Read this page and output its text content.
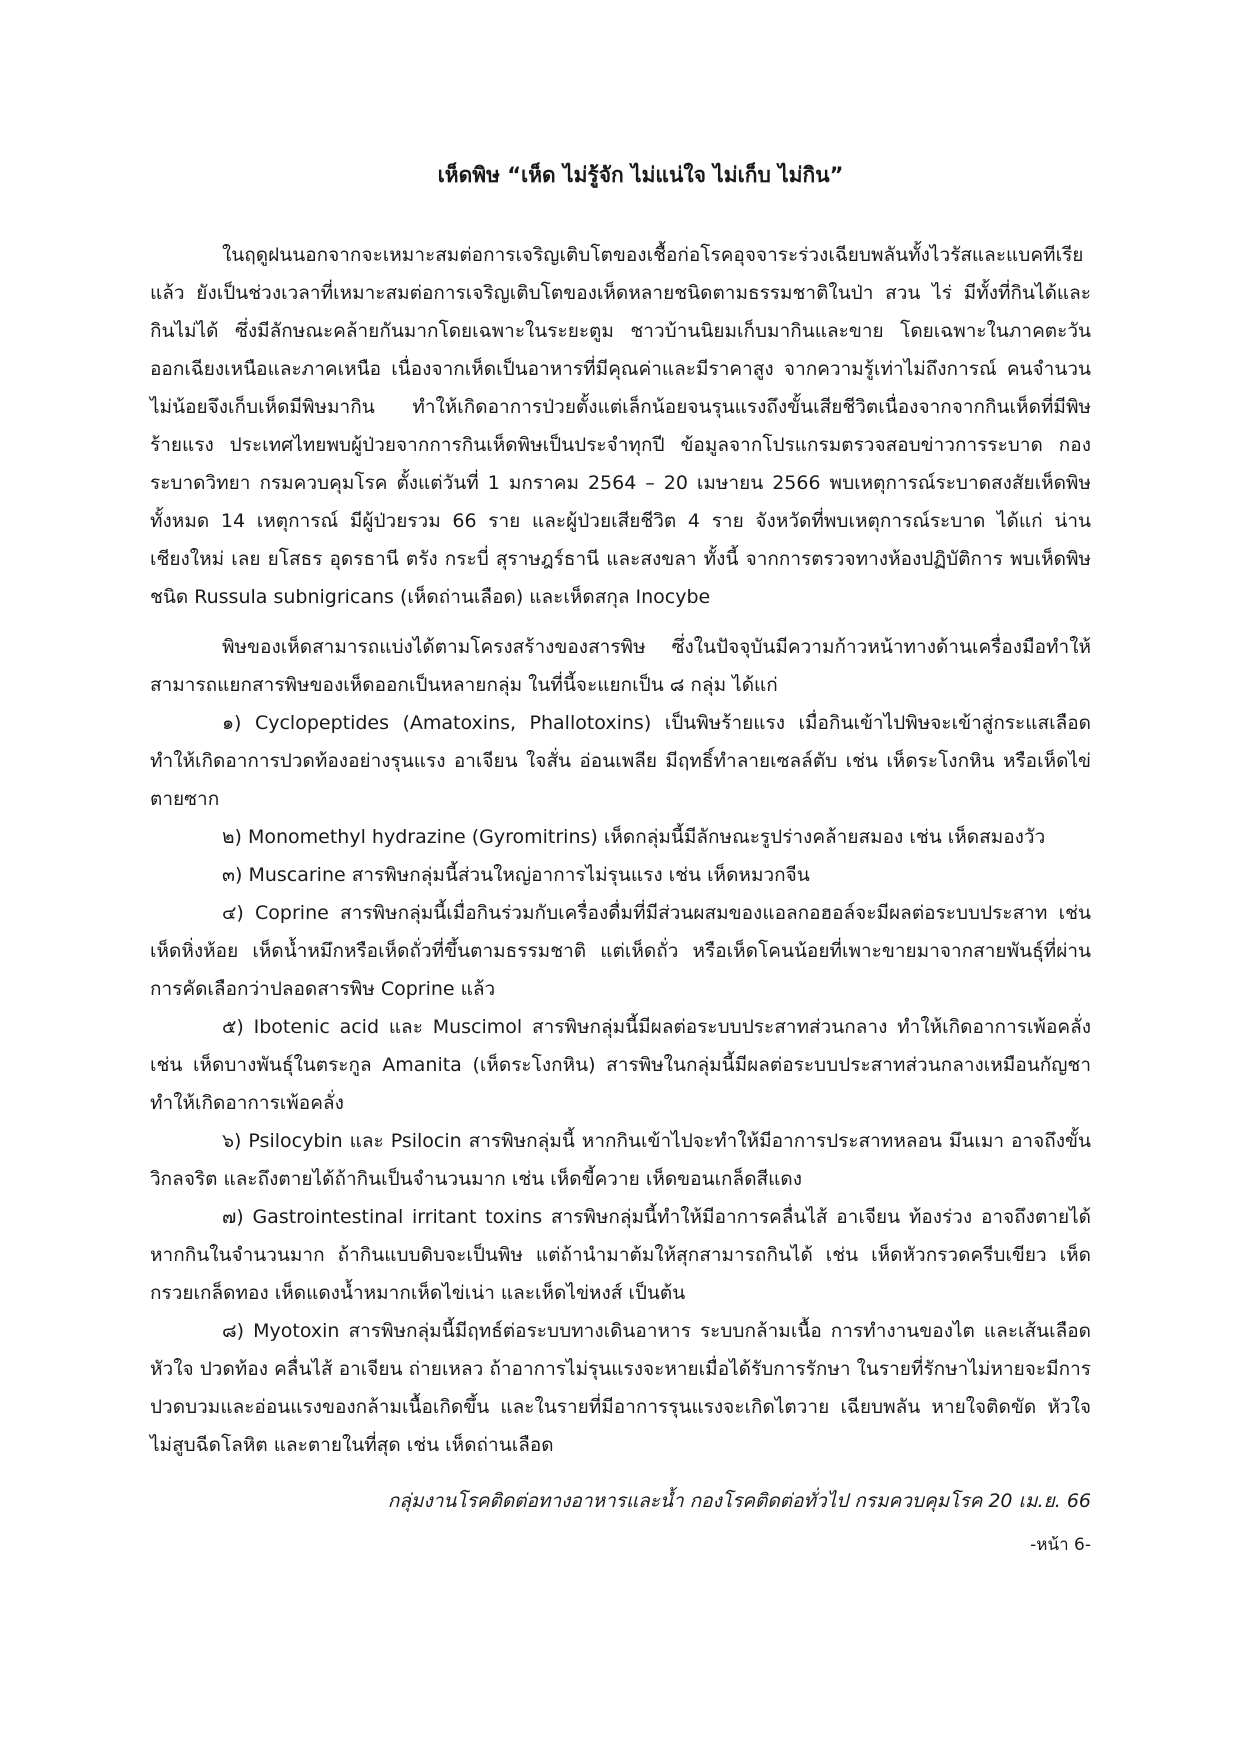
เห็ดพิษ “เห็ด ไม่รู้จัก ไม่แน่ใจ ไม่เก็บ ไม่กิน”

ในฤดูฝนนอกจากจะเหมาะสมต่อการเจริญเติบโตของเชื้อก่อโรคอุจจาระร่วงเฉียบพลันทั้งไวรัสและแบคทีเรียแล้ว ยังเป็นช่วงเวลาที่เหมาะสมต่อการเจริญเติบโตของเห็ดหลายชนิดตามธรรมชาติในป่า สวน ไร่ มีทั้งที่กินได้และกินไม่ได้ ซึ่งมีลักษณะคล้ายกันมากโดยเฉพาะในระยะตูม ชาวบ้านนิยมเก็บมากินและขาย โดยเฉพาะในภาคตะวันออกเฉียงเหนือและภาคเหนือ เนื่องจากเห็ดเป็นอาหารที่มีคุณค่าและมีราคาสูง จากความรู้เท่าไม่ถึงการณ์ คนจำนวนไม่น้อยจึงเก็บเห็ดมีพิษมากิน ทำให้เกิดอาการป่วยตั้งแต่เล็กน้อยจนรุนแรงถึงขั้นเสียชีวิตเนื่องจากจากกินเห็ดที่มีพิษร้ายแรง ประเทศไทยพบผู้ป่วยจากการกินเห็ดพิษเป็นประจำทุกปี ข้อมูลจากโปรแกรมตรวจสอบข่าวการระบาด กองระบาดวิทยา กรมควบคุมโรค ตั้งแต่วันที่ 1 มกราคม 2564 – 20 เมษายน 2566 พบเหตุการณ์ระบาดสงสัยเห็ดพิษ ทั้งหมด 14 เหตุการณ์ มีผู้ป่วยรวม 66 ราย และผู้ป่วยเสียชีวิต 4 ราย จังหวัดที่พบเหตุการณ์ระบาด ได้แก่ น่าน เชียงใหม่ เลย ยโสธร อุดรธานี ตรัง กระบี่ สุราษฎร์ธานี และสงขลา ทั้งนี้ จากการตรวจทางห้องปฏิบัติการ พบเห็ดพิษชนิด Russula subnigricans (เห็ดถ่านเลือด) และเห็ดสกุล Inocybe

พิษของเห็ดสามารถแบ่งได้ตามโครงสร้างของสารพิษ ซึ่งในปัจจุบันมีความก้าวหน้าทางด้านเครื่องมือทำให้สามารถแยกสารพิษของเห็ดออกเป็นหลายกลุ่ม ในที่นี้จะแยกเป็น ๘ กลุ่ม ได้แก่

๑) Cyclopeptides (Amatoxins, Phallotoxins) เป็นพิษร้ายแรง เมื่อกินเข้าไปพิษจะเข้าสู่กระแสเลือดทำให้เกิดอาการปวดท้องอย่างรุนแรง อาเจียน ใจสั่น อ่อนเพลีย มีฤทธิ์ทำลายเซลล์ตับ เช่น เห็ดระโงกหิน หรือเห็ดไข่ตายซาก

๒) Monomethyl hydrazine (Gyromitrins) เห็ดกลุ่มนี้มีลักษณะรูปร่างคล้ายสมอง เช่น เห็ดสมองวัว

๓) Muscarine สารพิษกลุ่มนี้ส่วนใหญ่อาการไม่รุนแรง เช่น เห็ดหมวกจีน

๔) Coprine สารพิษกลุ่มนี้เมื่อกินร่วมกับเครื่องดื่มที่มีส่วนผสมของแอลกอฮอล์จะมีผลต่อระบบประสาท เช่น เห็ดหิ่งห้อย เห็ดน้ำหมึกหรือเห็ดถั่วที่ขึ้นตามธรรมชาติ แต่เห็ดถั่ว หรือเห็ดโคนน้อยที่เพาะขายมาจากสายพันธุ์ที่ผ่านการคัดเลือกว่าปลอดสารพิษ Coprine แล้ว

๕) Ibotenic acid และ Muscimol สารพิษกลุ่มนี้มีผลต่อระบบประสาทส่วนกลาง ทำให้เกิดอาการเพ้อคลั่ง เช่น เห็ดบางพันธุ์ในตระกูล Amanita (เห็ดระโงกหิน) สารพิษในกลุ่มนี้มีผลต่อระบบประสาทส่วนกลางเหมือนกัญชา ทำให้เกิดอาการเพ้อคลั่ง

๖) Psilocybin และ Psilocin สารพิษกลุ่มนี้ หากกินเข้าไปจะทำให้มีอาการประสาทหลอน มึนเมา อาจถึงขั้นวิกลจริต และถึงตายได้ถ้ากินเป็นจำนวนมาก เช่น เห็ดขี้ควาย เห็ดขอนเกล็ดสีแดง

๗) Gastrointestinal irritant toxins สารพิษกลุ่มนี้ทำให้มีอาการคลื่นไส้ อาเจียน ท้องร่วง อาจถึงตายได้หากกินในจำนวนมาก ถ้ากินแบบดิบจะเป็นพิษ แต่ถ้านำมาต้มให้สุกสามารถกินได้ เช่น เห็ดหัวกรวดครีบเขียว เห็ดกรวยเกล็ดทอง เห็ดแดงน้ำหมากเห็ดไข่เน่า และเห็ดไข่หงส์ เป็นต้น

๘) Myotoxin สารพิษกลุ่มนี้มีฤทธ์ต่อระบบทางเดินอาหาร ระบบกล้ามเนื้อ การทำงานของไต และเส้นเลือดหัวใจ ปวดท้อง คลื่นไส้ อาเจียน ถ่ายเหลว ถ้าอาการไม่รุนแรงจะหายเมื่อได้รับการรักษา ในรายที่รักษาไม่หายจะมีการปวดบวมและอ่อนแรงของกล้ามเนื้อเกิดขึ้น และในรายที่มีอาการรุนแรงจะเกิดไตวาย เฉียบพลัน หายใจติดขัด หัวใจไม่สูบฉีดโลหิต และตายในที่สุด เช่น เห็ดถ่านเลือด

กลุ่มงานโรคติดต่อทางอาหารและน้ำ กองโรคติดต่อทั่วไป กรมควบคุมโรค 20 เม.ย. 66

-หน้า 6-
